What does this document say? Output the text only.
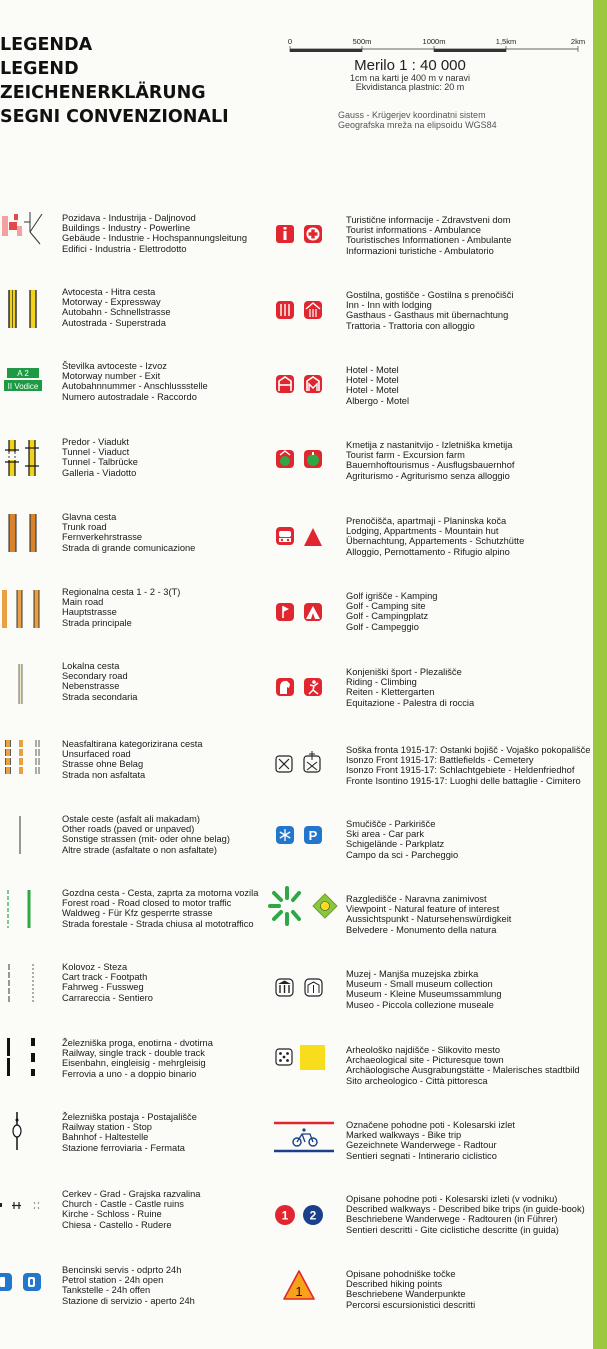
LEGENDA
LEGEND
ZEICHENERKLÄRUNG
SEGNI CONVENZIONALI
0	500m	1000m	1,5km	2km
Merilo 1 : 40 000
1cm na karti je 400 m v naravi
Ekvidistanca plastnic: 20 m
Gauss - Krügerjev koordinatni sistem
Geografska mreža na elipsoidu WGS84
Pozidava - Industrija - Daljnovod
Buildings - Industry - Powerline
Gebäude - Industrie - Hochspannungsleitung
Edifici - Industria - Elettrodotto
Avtocesta - Hitra cesta
Motorway - Expressway
Autobahn - Schnellstrasse
Autostrada - Superstrada
Številka avtoceste - Izvoz
Motorway number - Exit
Autobahnnummer - Anschlussstelle
Numero autostradale - Raccordo
Predor - Viadukt
Tunnel - Viaduct
Tunnel - Talbrücke
Galleria - Viadotto
Glavna cesta
Trunk road
Fernverkehrstrasse
Strada di grande comunicazione
Regionalna cesta 1 - 2 - 3(T)
Main road
Hauptstrasse
Strada principale
Lokalna cesta
Secondary road
Nebenstrasse
Strada secondaria
Neasfaltirana kategorizirana cesta
Unsurfaced road
Strasse ohne Belag
Strada non asfaltata
Ostale ceste (asfalt ali makadam)
Other roads (paved or unpaved)
Sonstige strassen (mit- oder ohne belag)
Altre strade (asfaltate o non asfaltate)
Gozdna cesta - Cesta, zaprta za motorna vozila
Forest road - Road closed to motor traffic
Waldweg - Für Kfz gesperrte strasse
Strada forestale - Strada chiusa al mototraffico
Kolovoz - Steza
Cart track - Footpath
Fahrweg - Fussweg
Carrareccia - Sentiero
Železniška proga, enotirna - dvotirna
Railway, single track - double track
Eisenbahn, eingleisig - mehrgleisig
Ferrovia a uno - a doppio binario
Železniška postaja - Postajališče
Railway station - Stop
Bahnhof - Haltestelle
Stazione ferroviaria - Fermata
Cerkev - Grad - Grajska razvalina
Church - Castle - Castle ruins
Kirche - Schloss - Ruine
Chiesa - Castello - Rudere
Bencinski servis - odprto 24h
Petrol station - 24h open
Tankstelle - 24h offen
Stazione di servizio - aperto 24h
Turistične informacije - Zdravstveni dom
Tourist informations - Ambulance
Touristisches Informationen - Ambulante
Informazioni turistiche - Ambulatorio
Gostilna, gostišče - Gostilna s prenočišči
Inn - Inn with lodging
Gasthaus - Gasthaus mit übernachtung
Trattoria - Trattoria con alloggio
Hotel - Motel
Hotel - Motel
Hotel - Motel
Albergo - Motel
Kmetija z nastanitvijo - Izletniška kmetija
Tourist farm - Excursion farm
Bauernhoftourismus - Ausflugsbauernhof
Agriturismo - Agriturismo senza alloggio
Prenočišča, apartmaji - Planinska koča
Lodging, Appartments - Mountain hut
Übernachtung, Appartements - Schutzhütte
Alloggio, Pernottamento - Rifugio alpino
Golf igrišče - Kamping
Golf - Camping site
Golf - Campingplatz
Golf - Campeggio
Konjeniški šport - Plezališče
Riding - Climbing
Reiten - Klettergarten
Equitazione - Palestra di roccia
Soška fronta 1915-17: Ostanki bojišč - Vojaško pokopališče
Isonzo Front 1915-17: Battlefields - Cemetery
Isonzo Front 1915-17: Schlachtgebiete - Heldenfriedhof
Fronte Isontino 1915-17: Luoghi delle battaglie - Cimitero
Smučišče - Parkirišče
Ski area - Car park
Schigelände - Parkplatz
Campo da sci - Parcheggio
Razgledišče - Naravna zanimivost
Viewpoint - Natural feature of interest
Aussichtspunkt - Natursehenswürdigkeit
Belvedere - Monumento della natura
Muzej - Manjša muzejska zbirka
Museum - Small museum collection
Museum - Kleine Museumssammlung
Museo - Piccola collezione museale
Arheološko najdišče - Slikovito mesto
Archaeological site - Picturesque town
Archäologische Ausgrabungstätte - Malerisches stadtbild
Sito archeologico - Città pittoresca
Označene pohodne poti - Kolesarski izlet
Marked walkways - Bike trip
Gezeichnete Wanderwege - Radtour
Sentieri segnati - Intinerario ciclistico
Opisane pohodne poti - Kolesarski izleti (v vodniku)
Described walkways - Described bike trips (in guide-book)
Beschriebene Wanderwege - Radtouren (in Führer)
Sentieri descritti - Gite ciclistiche descritte (in guida)
Opisane pohodniške točke
Described hiking points
Beschriebene Wanderpunkte
Percorsi escursionistici descritti
A 2
II Vodice
P
1 2
1
